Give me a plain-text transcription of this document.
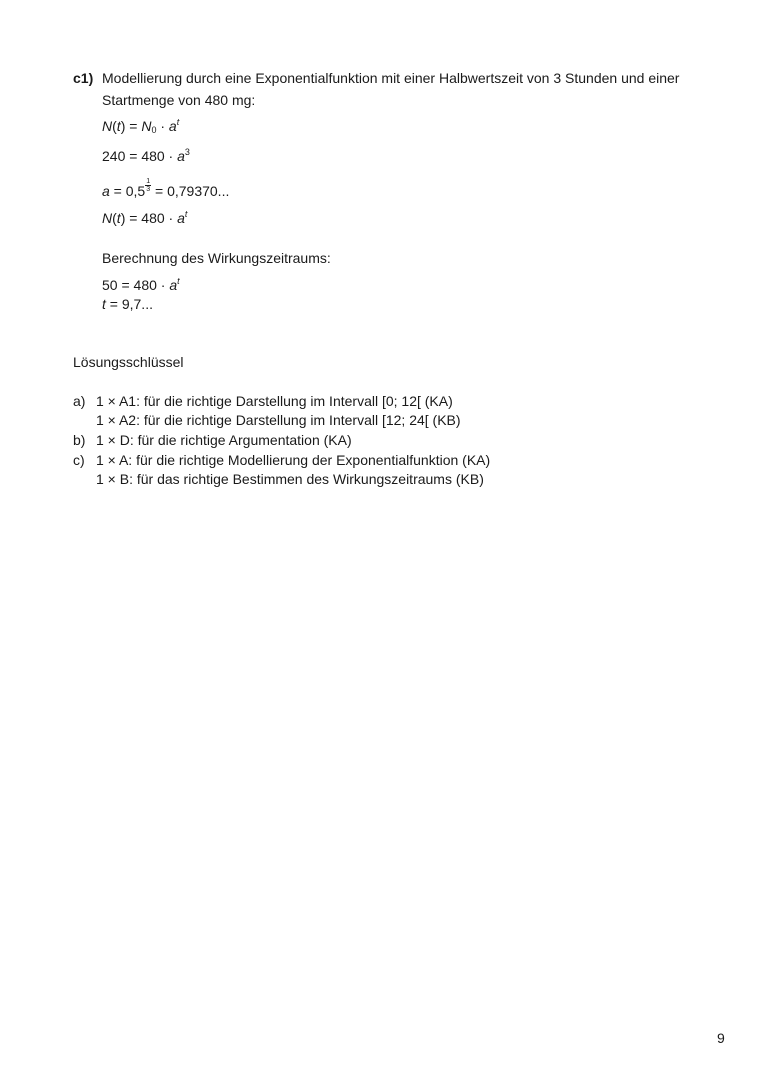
c1) Modellierung durch eine Exponentialfunktion mit einer Halbwertszeit von 3 Stunden und einer
Startmenge von 480 mg:
$N(t) = N_0 \cdot a^t$
$240 = 480 \cdot a^3$
$a = 0,5 \frac{1}{3} = 0,79370$...
$N(t) = 480 \cdot a^t$
Berechnung des Wirkungszeitraums:
$50 = 480 \cdot a^t$
t = 9,7...
Lösungsschlüssel
a) 1 × A1: für die richtige Darstellung im Intervall [0; 12[ (KA)
1 × A2: für die richtige Darstellung im Intervall [12; 24[ (KB)
b) 1 × D: für die richtige Argumentation (KA)
c) 1 × A: für die richtige Modellierung der Exponentialfunktion (KA)
1 × B: für das richtige Bestimmen des Wirkungszeitraums (KB)
9
